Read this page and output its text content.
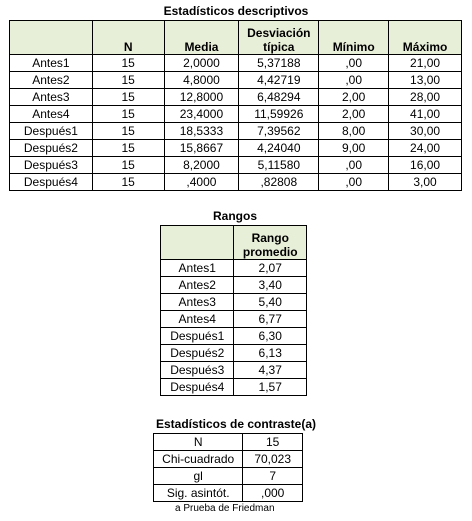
Estadísticos descriptivos
	N	Media	Desviación típica	Mínimo	Máximo
Antes1	15	2,0000	5,37188	,00	21,00
Antes2	15	4,8000	4,42719	,00	13,00
Antes3	15	12,8000	6,48294	2,00	28,00
Antes4	15	23,4000	11,59926	2,00	41,00
Después1	15	18,5333	7,39562	8,00	30,00
Después2	15	15,8667	4,24040	9,00	24,00
Después3	15	8,2000	5,11580	,00	16,00
Después4	15	,4000	,82808	,00	3,00
Rangos
	Rango promedio
Antes1	2,07
Antes2	3,40
Antes3	5,40
Antes4	6,77
Después1	6,30
Después2	6,13
Después3	4,37
Después4	1,57
Estadísticos de contraste(a)
N	15
Chi-cuadrado	70,023
gl	7
Sig. asintót.	,000
a Prueba de Friedman
